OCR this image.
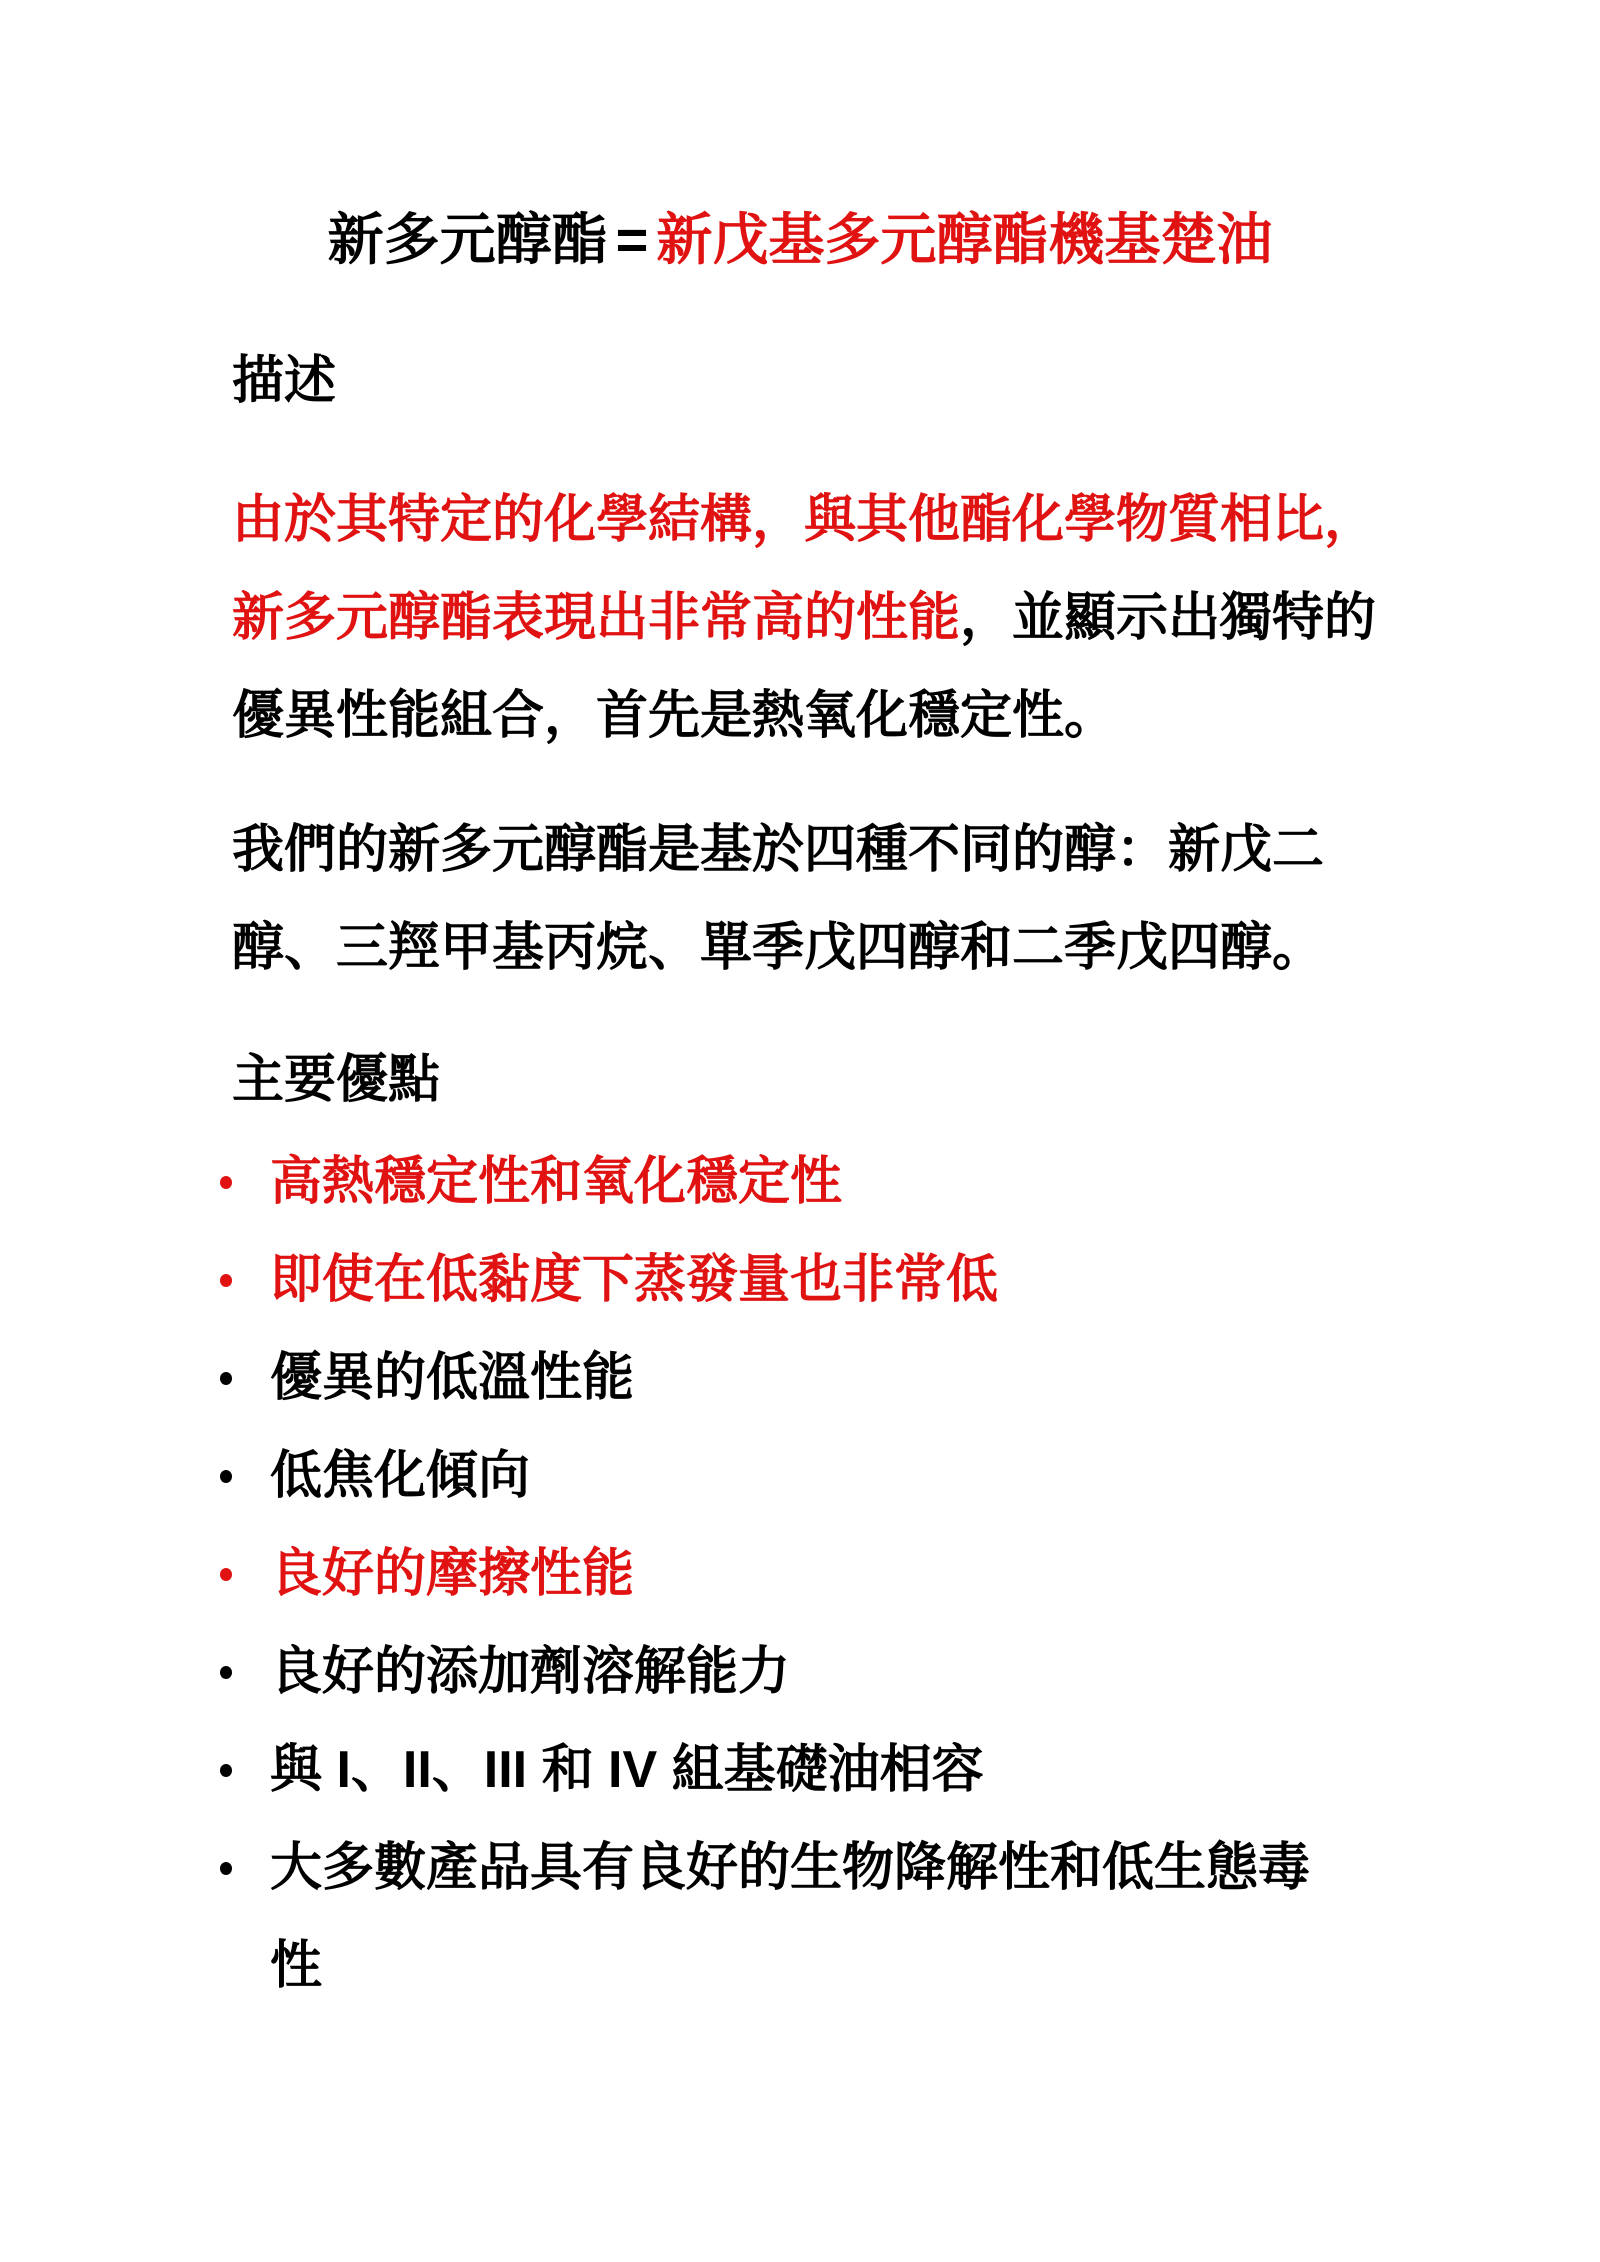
新多元醇酯 = 新戊基多元醇酯機基楚油
描述

由於其特定的化學結構，與其他酯化學物質相比，新多元醇酯表現出非常高的性能，並顯示出獨特的優異性能組合，首先是熱氧化穩定性。

我們的新多元醇酯是基於四種不同的醇：新戊二醇、三羥甲基丙烷、單季戊四醇和二季戊四醇。

主要優點
高熱穩定性和氧化穩定性
即使在低黏度下蒸發量也非常低
優異的低溫性能
低焦化傾向
良好的摩擦性能
良好的添加劑溶解能力
與 I、II、III 和 IV 組基礎油相容
大多數產品具有良好的生物降解性和低生態毒性
